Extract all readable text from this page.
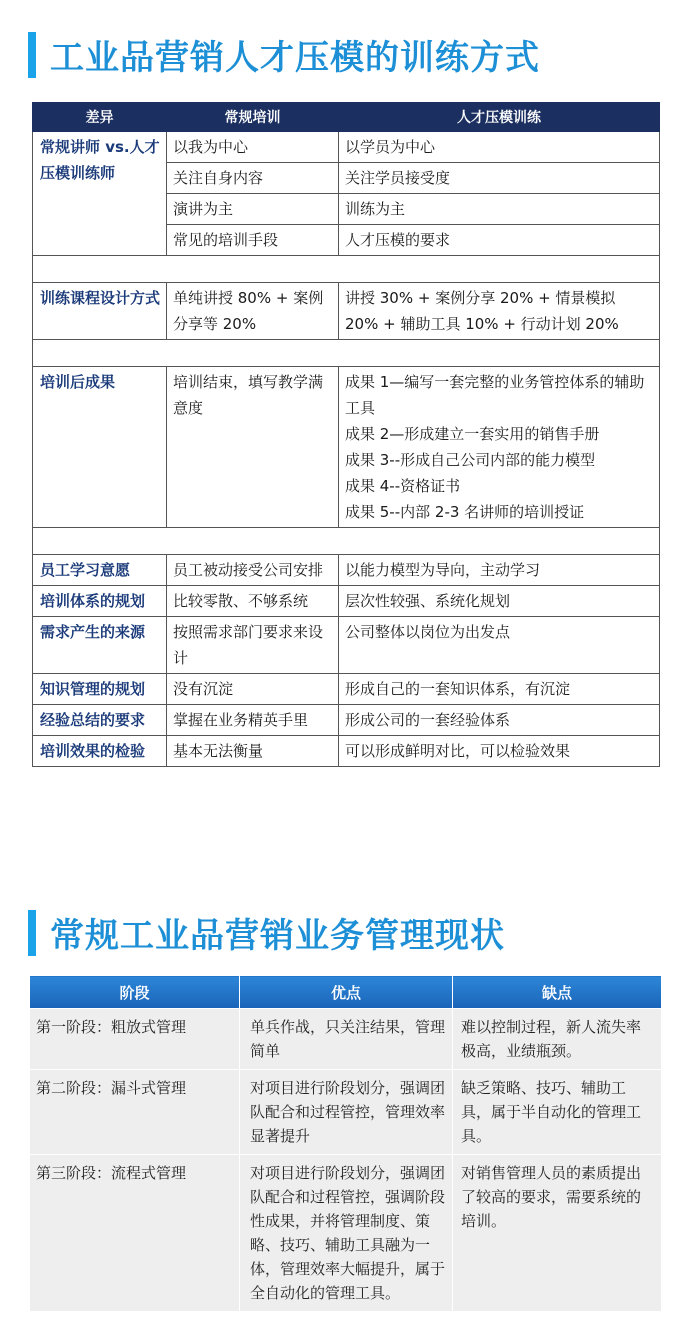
工业品营销人才压模的训练方式
差异	常规培训	人才压模训练
常规讲师 vs.人才压模训练师	以我为中心	以学员为中心
	关注自身内容	关注学员接受度
	演讲为主	训练为主
	常见的培训手段	人才压模的要求

训练课程设计方式	单纯讲授 80% + 案例分享等 20%	讲授 30% + 案例分享 20% + 情景模拟 20% + 辅助工具 10% + 行动计划 20%

培训后成果	培训结束，填写教学满意度	成果 1—编写一套完整的业务管控体系的辅助工具
成果 2—形成建立一套实用的销售手册
成果 3--形成自己公司内部的能力模型
成果 4--资格证书
成果 5--内部 2-3 名讲师的培训授证

员工学习意愿	员工被动接受公司安排	以能力模型为导向，主动学习
培训体系的规划	比较零散、不够系统	层次性较强、系统化规划
需求产生的来源	按照需求部门要求来设计	公司整体以岗位为出发点
知识管理的规划	没有沉淀	形成自己的一套知识体系，有沉淀
经验总结的要求	掌握在业务精英手里	形成公司的一套经验体系
培训效果的检验	基本无法衡量	可以形成鲜明对比，可以检验效果
常规工业品营销业务管理现状
阶段	优点	缺点
第一阶段：粗放式管理	单兵作战，只关注结果，管理简单	难以控制过程，新人流失率极高，业绩瓶颈。
第二阶段：漏斗式管理	对项目进行阶段划分，强调团队配合和过程管控，管理效率显著提升	缺乏策略、技巧、辅助工具，属于半自动化的管理工具。
第三阶段：流程式管理	对项目进行阶段划分，强调团队配合和过程管控，强调阶段性成果，并将管理制度、策略、技巧、辅助工具融为一体，管理效率大幅提升，属于全自动化的管理工具。	对销售管理人员的素质提出了较高的要求，需要系统的培训。
